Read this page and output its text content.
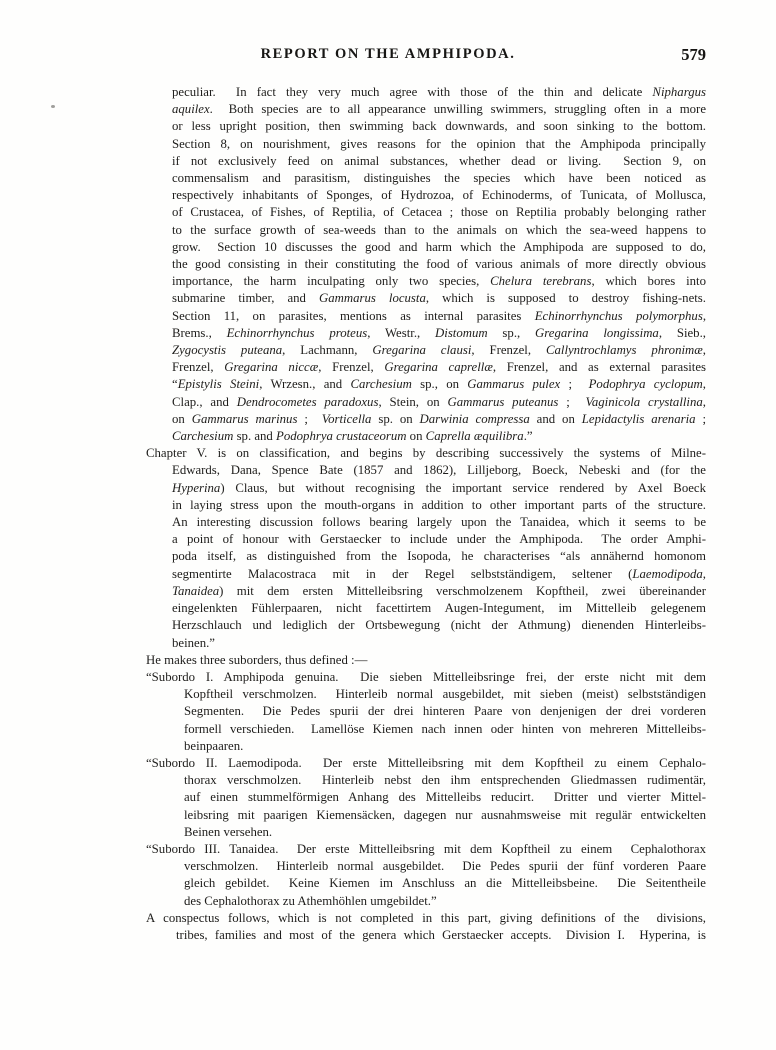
REPORT ON THE AMPHIPODA.	579
peculiar.  In fact they very much agree with those of the thin and delicate Niphargus
aquilex.  Both species are to all appearance unwilling swimmers, struggling often in a more
or less upright position, then swimming back downwards, and soon sinking to the bottom.
Section 8, on nourishment, gives reasons for the opinion that the Amphipoda principally
if not exclusively feed on animal substances, whether dead or living.  Section 9, on
commensalism and parasitism, distinguishes the species which have been noticed as
respectively inhabitants of Sponges, of Hydrozoa, of Echinoderms, of Tunicata, of Mollusca,
of Crustacea, of Fishes, of Reptilia, of Cetacea ; those on Reptilia probably belonging rather
to the surface growth of sea-weeds than to the animals on which the sea-weed happens to
grow.  Section 10 discusses the good and harm which the Amphipoda are supposed to do,
the good consisting in their constituting the food of various animals of more directly obvious
importance, the harm inculpating only two species, Chelura terebrans, which bores into
submarine timber, and Gammarus locusta, which is supposed to destroy fishing-nets.
Section 11, on parasites, mentions as internal parasites Echinorrhynchus polymorphus,
Brems., Echinorrhynchus proteus, Westr., Distomum sp., Gregarina longissima, Sieb.,
Zygocystis puteana, Lachmann, Gregarina clausi, Frenzel, Callyntrochlamys phronimæ,
Frenzel, Gregarina niccæ, Frenzel, Gregarina caprellæ, Frenzel, and as external parasites
“Epistylis Steini, Wrzesn., and Carchesium sp., on Gammarus pulex ;  Podophrya cyclopum,
Clap., and Dendrocometes paradoxus, Stein, on Gammarus puteanus ;  Vaginicola crystallina,
on Gammarus marinus ;  Vorticella sp. on Darwinia compressa and on Lepidactylis arenaria ;
Carchesium sp. and Podophrya crustaceorum on Caprella æquilibra.”
Chapter V. is on classification, and begins by describing successively the systems of Milne-
Edwards, Dana, Spence Bate (1857 and 1862), Lilljeborg, Boeck, Nebeski and (for the
Hyperina) Claus, but without recognising the important service rendered by Axel Boeck
in laying stress upon the mouth-organs in addition to other important parts of the structure.
An interesting discussion follows bearing largely upon the Tanaidea, which it seems to be
a point of honour with Gerstaecker to include under the Amphipoda.  The order Amphi-
poda itself, as distinguished from the Isopoda, he characterises “als annähernd homonom
segmentirte Malacostraca mit in der Regel selbstständigem, seltener (Laemodipoda,
Tanaidea) mit dem ersten Mittelleibsring verschmolzenem Kopftheil, zwei übereinander
eingelenkten Fühlerpaaren, nicht facettirtem Augen-Integument, im Mittelleib gelegenem
Herzschlauch und lediglich der Ortsbewegung (nicht der Athmung) dienenden Hinterleibs-
beinen.”
He makes three suborders, thus defined :—
“Subordo I. Amphipoda genuina.  Die sieben Mittelleibsringe frei, der erste nicht mit dem
Kopftheil verschmolzen.  Hinterleib normal ausgebildet, mit sieben (meist) selbstständigen
Segmenten.  Die Pedes spurii der drei hinteren Paare von denjenigen der drei vorderen
formell verschieden.  Lamellöse Kiemen nach innen oder hinten von mehreren Mittelleibs-
beinpaaren.
“Subordo II. Laemodipoda.  Der erste Mittelleibsring mit dem Kopftheil zu einem Cephalo-
thorax verschmolzen.  Hinterleib nebst den ihm entsprechenden Gliedmassen rudimentär,
auf einen stummelförmigen Anhang des Mittelleibs reducirt.  Dritter und vierter Mittel-
leibsring mit paarigen Kiemensäcken, dagegen nur ausnahmsweise mit regulär entwickelten
Beinen versehen.
“Subordo III. Tanaidea.  Der erste Mittelleibsring mit dem Kopftheil zu einem  Cephalothorax
verschmolzen.  Hinterleib normal ausgebildet.  Die Pedes spurii der fünf vorderen Paare
gleich gebildet.  Keine Kiemen im Anschluss an die Mittelleibsbeine.  Die Seitentheile
des Cephalothorax zu Athemhöhlen umgebildet.”
A conspectus follows, which is not completed in this part, giving definitions of the  divisions,
tribes, families and most of the genera which Gerstaecker accepts.  Division I.  Hyperina, is
